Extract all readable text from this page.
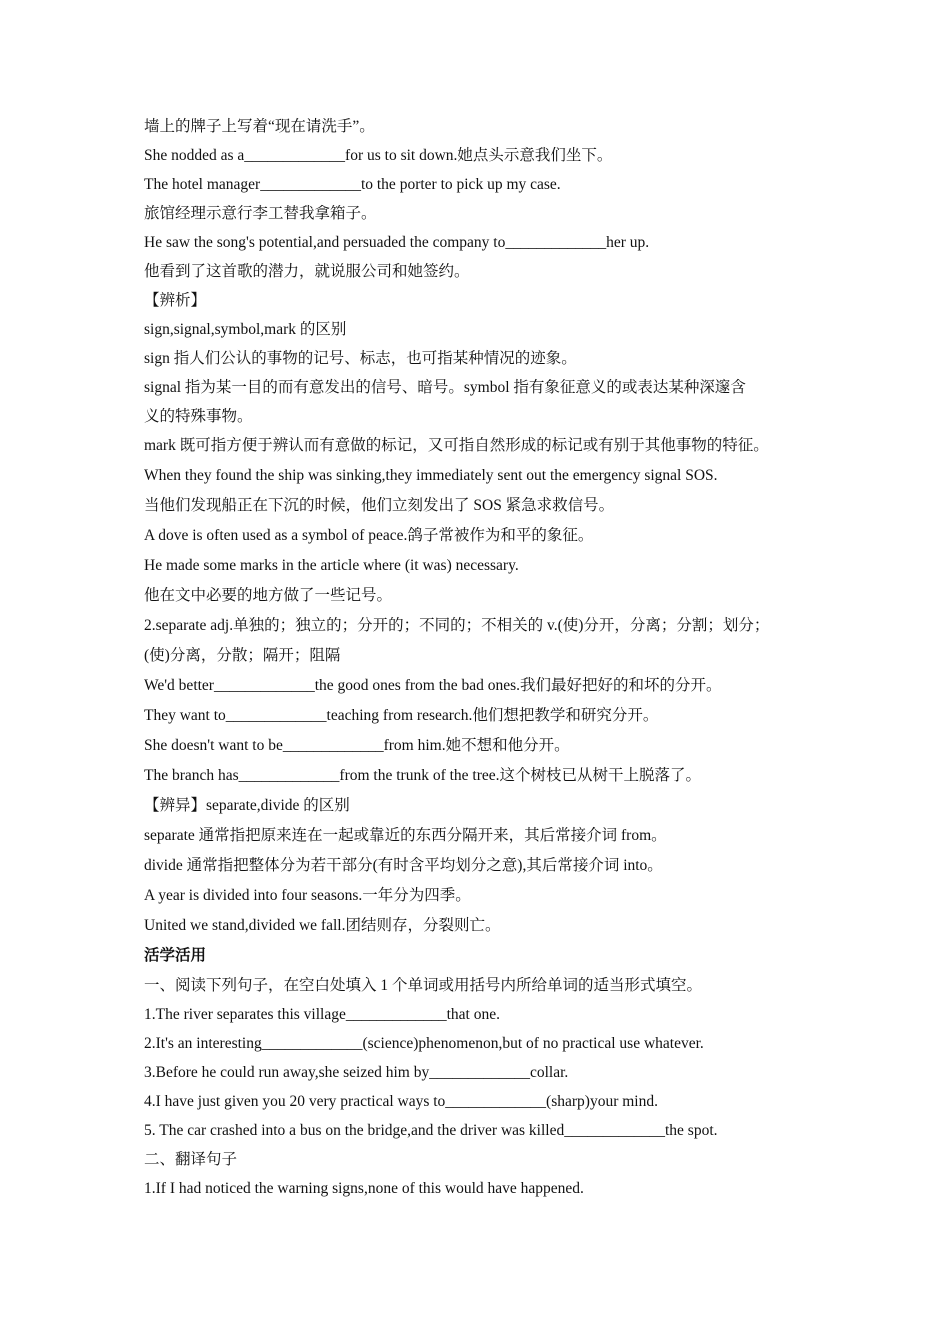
墙上的牌子上写着“现在请洗手”。
She nodded as a_____________for us to sit down.她点头示意我们坐下。
The hotel manager_____________to the porter to pick up my case.
旅馆经理示意行李工替我拿箱子。
He saw the song's potential,and persuaded the company to_____________her up.
他看到了这首歌的潜力，就说服公司和她签约。
【辨析】
sign,signal,symbol,mark 的区别
sign 指人们公认的事物的记号、标志，也可指某种情况的迹象。
signal 指为某一目的而有意发出的信号、暗号。symbol 指有象征意义的或表达某种深邃含
义的特殊事物。
mark 既可指方便于辨认而有意做的标记，又可指自然形成的标记或有别于其他事物的特征。
When they found the ship was sinking,they immediately sent out the emergency signal SOS.
当他们发现船正在下沉的时候，他们立刻发出了 SOS 紧急求救信号。
A dove is often used as a symbol of peace.鸽子常被作为和平的象征。
He made some marks in the article where (it was) necessary.
他在文中必要的地方做了一些记号。
2.separate adj.单独的；独立的；分开的；不同的；不相关的 v.(使)分开，分离；分割；划分；
(使)分离，分散；隔开；阻隔
We'd better_____________the good ones from the bad ones.我们最好把好的和坏的分开。
They want to_____________teaching from research.他们想把教学和研究分开。
She doesn't want to be_____________from him.她不想和他分开。
The branch has_____________from the trunk of the tree.这个树枝已从树干上脱落了。
【辨异】separate,divide 的区别
separate 通常指把原来连在一起或靠近的东西分隔开来，其后常接介词 from。
divide 通常指把整体分为若干部分(有时含平均划分之意),其后常接介词 into。
A year is divided into four seasons.一年分为四季。
United we stand,divided we fall.团结则存，分裂则亡。
活学活用
一、阅读下列句子，在空白处填入 1 个单词或用括号内所给单词的适当形式填空。
1.The river separates this village_____________that one.
2.It's an interesting_____________(science)phenomenon,but of no practical use whatever.
3.Before he could run away,she seized him by_____________collar.
4.I have just given you 20 very practical ways to_____________(sharp)your mind.
5. The car crashed into a bus on the bridge,and the driver was killed_____________the spot.
二、翻译句子
1.If I had noticed the warning signs,none of this would have happened.
